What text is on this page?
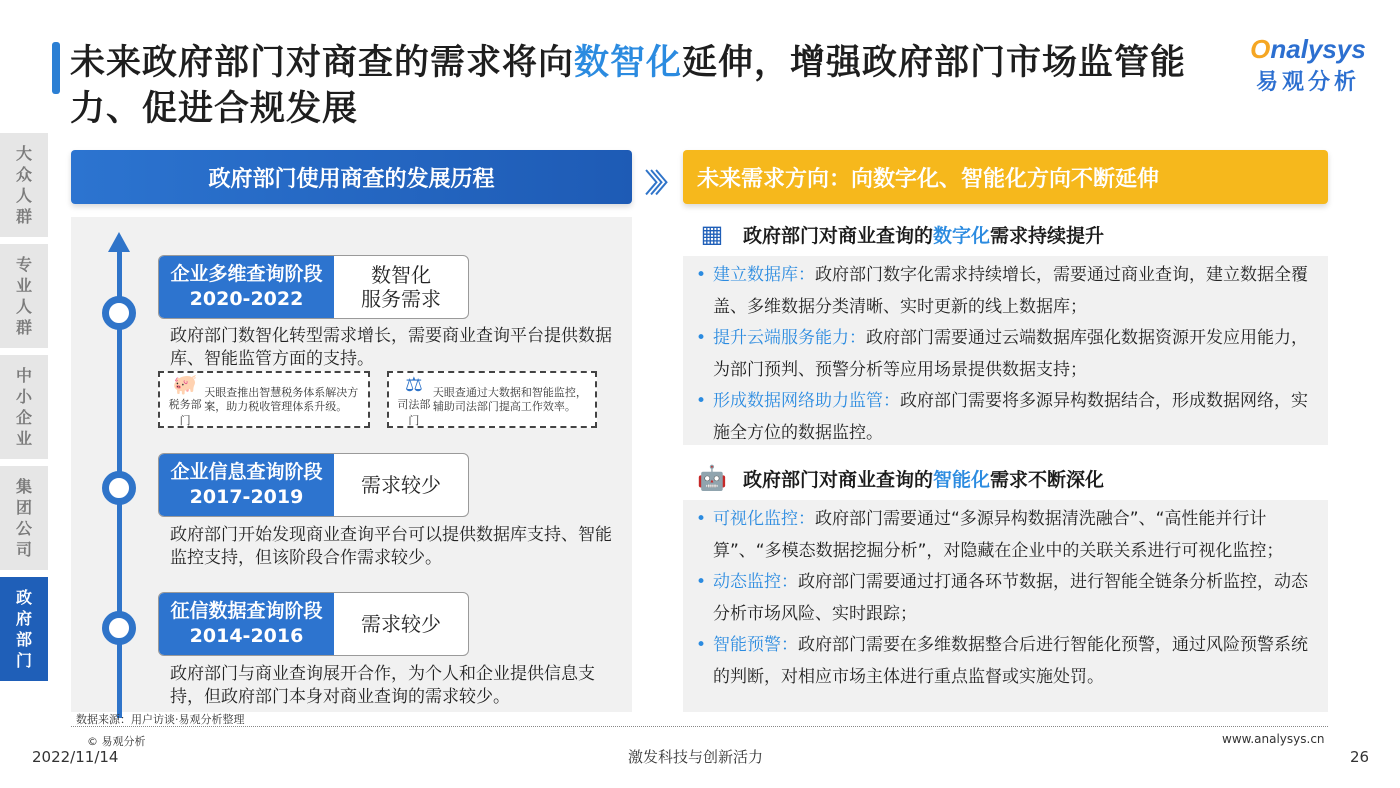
未来政府部门对商查的需求将向数智化延伸，增强政府部门市场监管能力、促进合规发展
Onalysys
易观分析
大众人群
专业人群
中小企业
集团公司
政府部门
政府部门使用商查的发展历程
企业多维查询阶段
2020-2022
数智化
服务需求
政府部门数智化转型需求增长，需要商业查询平台提供数据库、智能监管方面的支持。
🐖
税务部门
天眼查推出智慧税务体系解决方案，助力税收管理体系升级。
⚖
司法部门
天眼查通过大数据和智能监控，辅助司法部门提高工作效率。
企业信息查询阶段
2017-2019	需求较少
政府部门开始发现商业查询平台可以提供数据库支持、智能监控支持，但该阶段合作需求较少。
征信数据查询阶段
2014-2016	需求较少
政府部门与商业查询展开合作，为个人和企业提供信息支持，但政府部门本身对商业查询的需求较少。
数据来源：用户访谈·易观分析整理
〉〉〉	未来需求方向：向数字化、智能化方向不断延伸
▦ 政府部门对商业查询的 数字化 需求持续提升
• 建立数据库：政府部门数字化需求持续增长，需要通过商业查询，建立数据全覆盖、多维数据分类清晰、实时更新的线上数据库；
• 提升云端服务能力：政府部门需要通过云端数据库强化数据资源开发应用能力，为部门预判、预警分析等应用场景提供数据支持；
• 形成数据网络助力监管：政府部门需要将多源异构数据结合，形成数据网络，实施全方位的数据监控。
🤖 政府部门对商业查询的 智能化 需求不断深化
• 可视化监控：政府部门需要通过“多源异构数据清洗融合”、“高性能并行计算”、“多模态数据挖掘分析”，对隐藏在企业中的关联关系进行可视化监控；
• 动态监控：政府部门需要通过打通各环节数据，进行智能全链条分析监控，动态分析市场风险、实时跟踪；
• 智能预警：政府部门需要在多维数据整合后进行智能化预警，通过风险预警系统的判断，对相应市场主体进行重点监督或实施处罚。
© 易观分析
2022/11/14	激发科技与创新活力
www.analysys.cn
26
